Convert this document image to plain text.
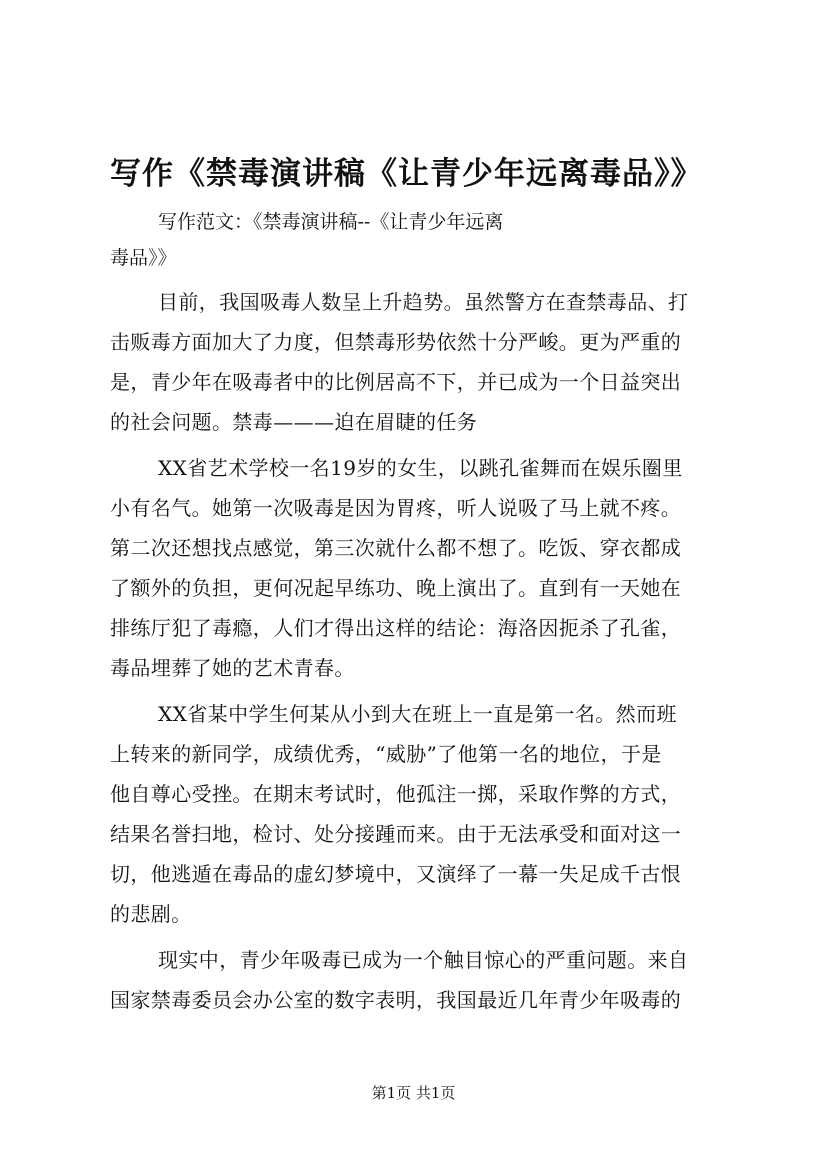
写作《禁毒演讲稿《让青少年远离毒品》》
写作范文：《禁毒演讲稿--《让青少年远离
毒品》》
目前，我国吸毒人数呈上升趋势。虽然警方在查禁毒品、打
击贩毒方面加大了力度，但禁毒形势依然十分严峻。更为严重的
是，青少年在吸毒者中的比例居高不下，并已成为一个日益突出
的社会问题。禁毒———迫在眉睫的任务
XX省艺术学校一名19岁的女生，以跳孔雀舞而在娱乐圈里
小有名气。她第一次吸毒是因为胃疼，听人说吸了马上就不疼。
第二次还想找点感觉，第三次就什么都不想了。吃饭、穿衣都成
了额外的负担，更何况起早练功、晚上演出了。直到有一天她在
排练厅犯了毒瘾，人们才得出这样的结论：海洛因扼杀了孔雀，
毒品埋葬了她的艺术青春。
XX省某中学生何某从小到大在班上一直是第一名。然而班
上转来的新同学，成绩优秀，“威胁”了他第一名的地位，于是
他自尊心受挫。在期末考试时，他孤注一掷，采取作弊的方式，
结果名誉扫地，检讨、处分接踵而来。由于无法承受和面对这一
切，他逃遁在毒品的虚幻梦境中，又演绎了一幕一失足成千古恨
的悲剧。
现实中，青少年吸毒已成为一个触目惊心的严重问题。来自
国家禁毒委员会办公室的数字表明，我国最近几年青少年吸毒的
第1页 共1页
